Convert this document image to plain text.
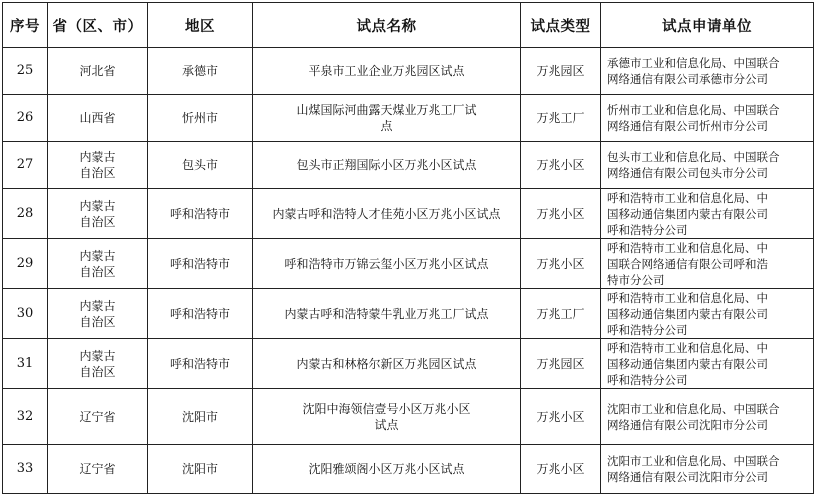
序号	省（区、市）	地区	试点名称	试点类型	试点申请单位
25	河北省	承德市	平泉市工业企业万兆园区试点	万兆园区	承德市工业和信息化局、中国联合
网络通信有限公司承德市分公司

26	山西省	忻州市	山煤国际河曲露天煤业万兆工厂试
点	万兆工厂	忻州市工业和信息化局、中国联合
网络通信有限公司忻州市分公司

27	内蒙古
自治区	包头市	包头市正翔国际小区万兆小区试点	万兆小区	包头市工业和信息化局、中国联合
网络通信有限公司包头市分公司

28	内蒙古
自治区	呼和浩特市	内蒙古呼和浩特人才佳苑小区万兆小区试点	万兆小区	呼和浩特市工业和信息化局、中
国移动通信集团内蒙古有限公司
呼和浩特分公司

29	内蒙古
自治区	呼和浩特市	呼和浩特市万锦云玺小区万兆小区试点	万兆小区	呼和浩特市工业和信息化局、中
国联合网络通信有限公司呼和浩
特市分公司

30	内蒙古
自治区	呼和浩特市	内蒙古呼和浩特蒙牛乳业万兆工厂试点	万兆工厂	呼和浩特市工业和信息化局、中
国移动通信集团内蒙古有限公司
呼和浩特分公司

31	内蒙古
自治区	呼和浩特市	内蒙古和林格尔新区万兆园区试点	万兆园区	呼和浩特市工业和信息化局、中
国移动通信集团内蒙古有限公司
呼和浩特分公司

32	辽宁省	沈阳市	沈阳中海领信壹号小区万兆小区
试点	万兆小区	沈阳市工业和信息化局、中国联合
网络通信有限公司沈阳市分公司

33	辽宁省	沈阳市	沈阳雅颂阁小区万兆小区试点	万兆小区	沈阳市工业和信息化局、中国联合
网络通信有限公司沈阳市分公司
